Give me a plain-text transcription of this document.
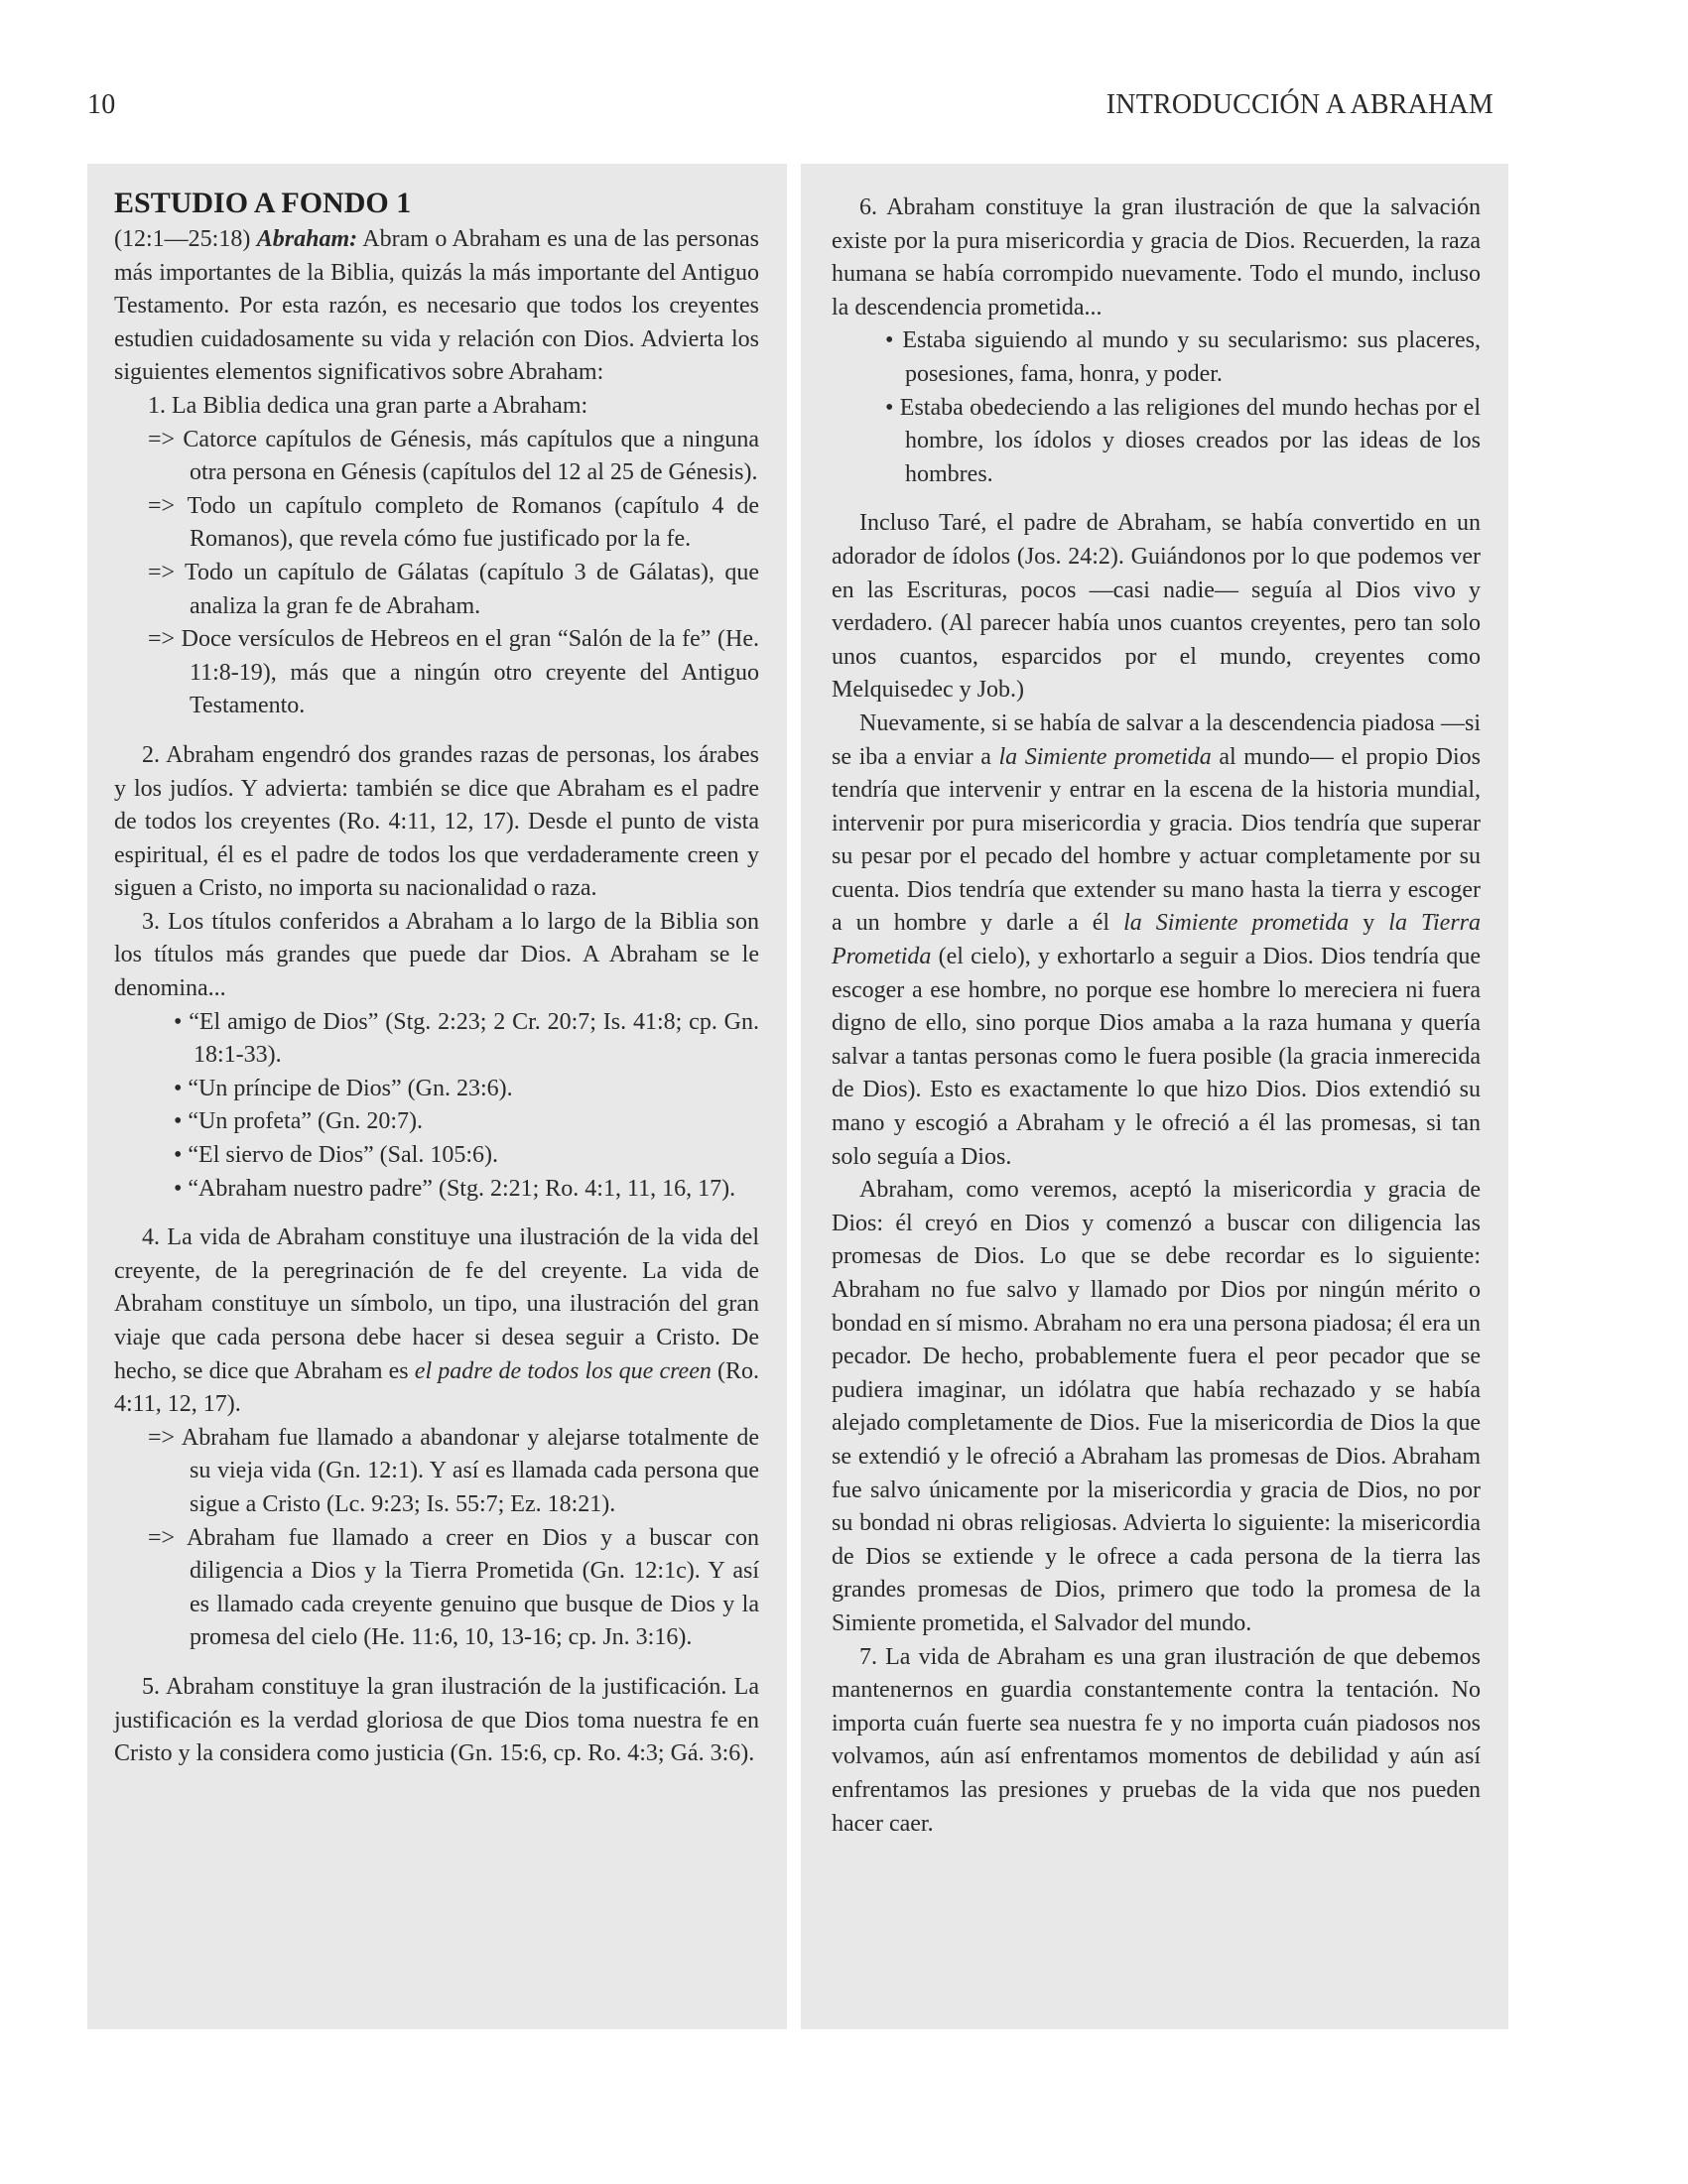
10	INTRODUCCIÓN A ABRAHAM
ESTUDIO A FONDO 1

(12:1—25:18) Abraham: Abram o Abraham es una de las personas más importantes de la Biblia, quizás la más importante del Antiguo Testamento. Por esta razón, es necesario que todos los creyentes estudien cuidadosamente su vida y relación con Dios. Advierta los siguientes elementos significativos sobre Abraham:

1. La Biblia dedica una gran parte a Abraham:

=> Catorce capítulos de Génesis, más capítulos que a ninguna otra persona en Génesis (capítulos del 12 al 25 de Génesis).

=> Todo un capítulo completo de Romanos (capítulo 4 de Romanos), que revela cómo fue justificado por la fe.

=> Todo un capítulo de Gálatas (capítulo 3 de Gálatas), que analiza la gran fe de Abraham.

=> Doce versículos de Hebreos en el gran “Salón de la fe” (He. 11:8-19), más que a ningún otro creyente del Antiguo Testamento.

2. Abraham engendró dos grandes razas de personas, los árabes y los judíos. Y advierta: también se dice que Abraham es el padre de todos los creyentes (Ro. 4:11, 12, 17). Desde el punto de vista espiritual, él es el padre de todos los que verdaderamente creen y siguen a Cristo, no importa su nacionalidad o raza.

3. Los títulos conferidos a Abraham a lo largo de la Biblia son los títulos más grandes que puede dar Dios. A Abraham se le denomina...

• “El amigo de Dios” (Stg. 2:23; 2 Cr. 20:7; Is. 41:8; cp. Gn. 18:1-33).

• “Un príncipe de Dios” (Gn. 23:6).

• “Un profeta” (Gn. 20:7).

• “El siervo de Dios” (Sal. 105:6).

• “Abraham nuestro padre” (Stg. 2:21; Ro. 4:1, 11, 16, 17).

4. La vida de Abraham constituye una ilustración de la vida del creyente, de la peregrinación de fe del creyente. La vida de Abraham constituye un símbolo, un tipo, una ilustración del gran viaje que cada persona debe hacer si desea seguir a Cristo. De hecho, se dice que Abraham es el padre de todos los que creen (Ro. 4:11, 12, 17).

=> Abraham fue llamado a abandonar y alejarse totalmente de su vieja vida (Gn. 12:1). Y así es llamada cada persona que sigue a Cristo (Lc. 9:23; Is. 55:7; Ez. 18:21).

=> Abraham fue llamado a creer en Dios y a buscar con diligencia a Dios y la Tierra Prometida (Gn. 12:1c). Y así es llamado cada creyente genuino que busque de Dios y la promesa del cielo (He. 11:6, 10, 13-16; cp. Jn. 3:16).

5. Abraham constituye la gran ilustración de la justificación. La justificación es la verdad gloriosa de que Dios toma nuestra fe en Cristo y la considera como justicia (Gn. 15:6, cp. Ro. 4:3; Gá. 3:6).

6. Abraham constituye la gran ilustración de que la salvación existe por la pura misericordia y gracia de Dios. Recuerden, la raza humana se había corrompido nuevamente. Todo el mundo, incluso la descendencia prometida...

• Estaba siguiendo al mundo y su secularismo: sus placeres, posesiones, fama, honra, y poder.

• Estaba obedeciendo a las religiones del mundo hechas por el hombre, los ídolos y dioses creados por las ideas de los hombres.

Incluso Taré, el padre de Abraham, se había convertido en un adorador de ídolos (Jos. 24:2). Guiándonos por lo que podemos ver en las Escrituras, pocos —casi nadie— seguía al Dios vivo y verdadero. (Al parecer había unos cuantos creyentes, pero tan solo unos cuantos, esparcidos por el mundo, creyentes como Melquisedec y Job.)

Nuevamente, si se había de salvar a la descendencia piadosa —si se iba a enviar a la Simiente prometida al mundo— el propio Dios tendría que intervenir y entrar en la escena de la historia mundial, intervenir por pura misericordia y gracia. Dios tendría que superar su pesar por el pecado del hombre y actuar completamente por su cuenta. Dios tendría que extender su mano hasta la tierra y escoger a un hombre y darle a él la Simiente prometida y la Tierra Prometida (el cielo), y exhortarlo a seguir a Dios. Dios tendría que escoger a ese hombre, no porque ese hombre lo mereciera ni fuera digno de ello, sino porque Dios amaba a la raza humana y quería salvar a tantas personas como le fuera posible (la gracia inmerecida de Dios). Esto es exactamente lo que hizo Dios. Dios extendió su mano y escogió a Abraham y le ofreció a él las promesas, si tan solo seguía a Dios.

Abraham, como veremos, aceptó la misericordia y gracia de Dios: él creyó en Dios y comenzó a buscar con diligencia las promesas de Dios. Lo que se debe recordar es lo siguiente: Abraham no fue salvo y llamado por Dios por ningún mérito o bondad en sí mismo. Abraham no era una persona piadosa; él era un pecador. De hecho, probablemente fuera el peor pecador que se pudiera imaginar, un idólatra que había rechazado y se había alejado completamente de Dios. Fue la misericordia de Dios la que se extendió y le ofreció a Abraham las promesas de Dios. Abraham fue salvo únicamente por la misericordia y gracia de Dios, no por su bondad ni obras religiosas. Advierta lo siguiente: la misericordia de Dios se extiende y le ofrece a cada persona de la tierra las grandes promesas de Dios, primero que todo la promesa de la Simiente prometida, el Salvador del mundo.

7. La vida de Abraham es una gran ilustración de que debemos mantenernos en guardia constantemente contra la tentación. No importa cuán fuerte sea nuestra fe y no importa cuán piadosos nos volvamos, aún así enfrentamos momentos de debilidad y aún así enfrentamos las presiones y pruebas de la vida que nos pueden hacer caer.
